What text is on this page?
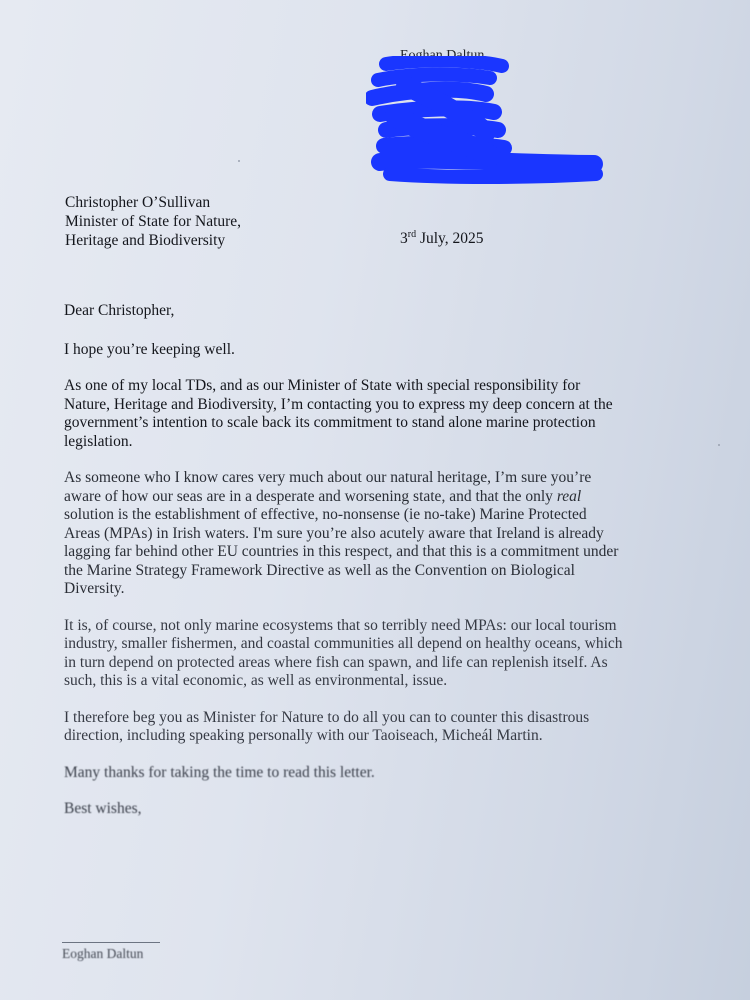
Eoghan Daltun
Christopher O’Sullivan
Minister of State for Nature,
Heritage and Biodiversity	3rd July, 2025

Dear Christopher,

I hope you’re keeping well.

As one of my local TDs, and as our Minister of State with special responsibility for Nature, Heritage and Biodiversity, I’m contacting you to express my deep concern at the government’s intention to scale back its commitment to stand alone marine protection legislation.

As someone who I know cares very much about our natural heritage, I’m sure you’re aware of how our seas are in a desperate and worsening state, and that the only real solution is the establishment of effective, no-nonsense (ie no-take) Marine Protected Areas (MPAs) in Irish waters. I'm sure you’re also acutely aware that Ireland is already lagging far behind other EU countries in this respect, and that this is a commitment under the Marine Strategy Framework Directive as well as the Convention on Biological Diversity.

It is, of course, not only marine ecosystems that so terribly need MPAs: our local tourism industry, smaller fishermen, and coastal communities all depend on healthy oceans, which in turn depend on protected areas where fish can spawn, and life can replenish itself. As such, this is a vital economic, as well as environmental, issue.

I therefore beg you as Minister for Nature to do all you can to counter this disastrous direction, including speaking personally with our Taoiseach, Micheál Martin.

Many thanks for taking the time to read this letter.

Best wishes,

Eoghan Daltun
